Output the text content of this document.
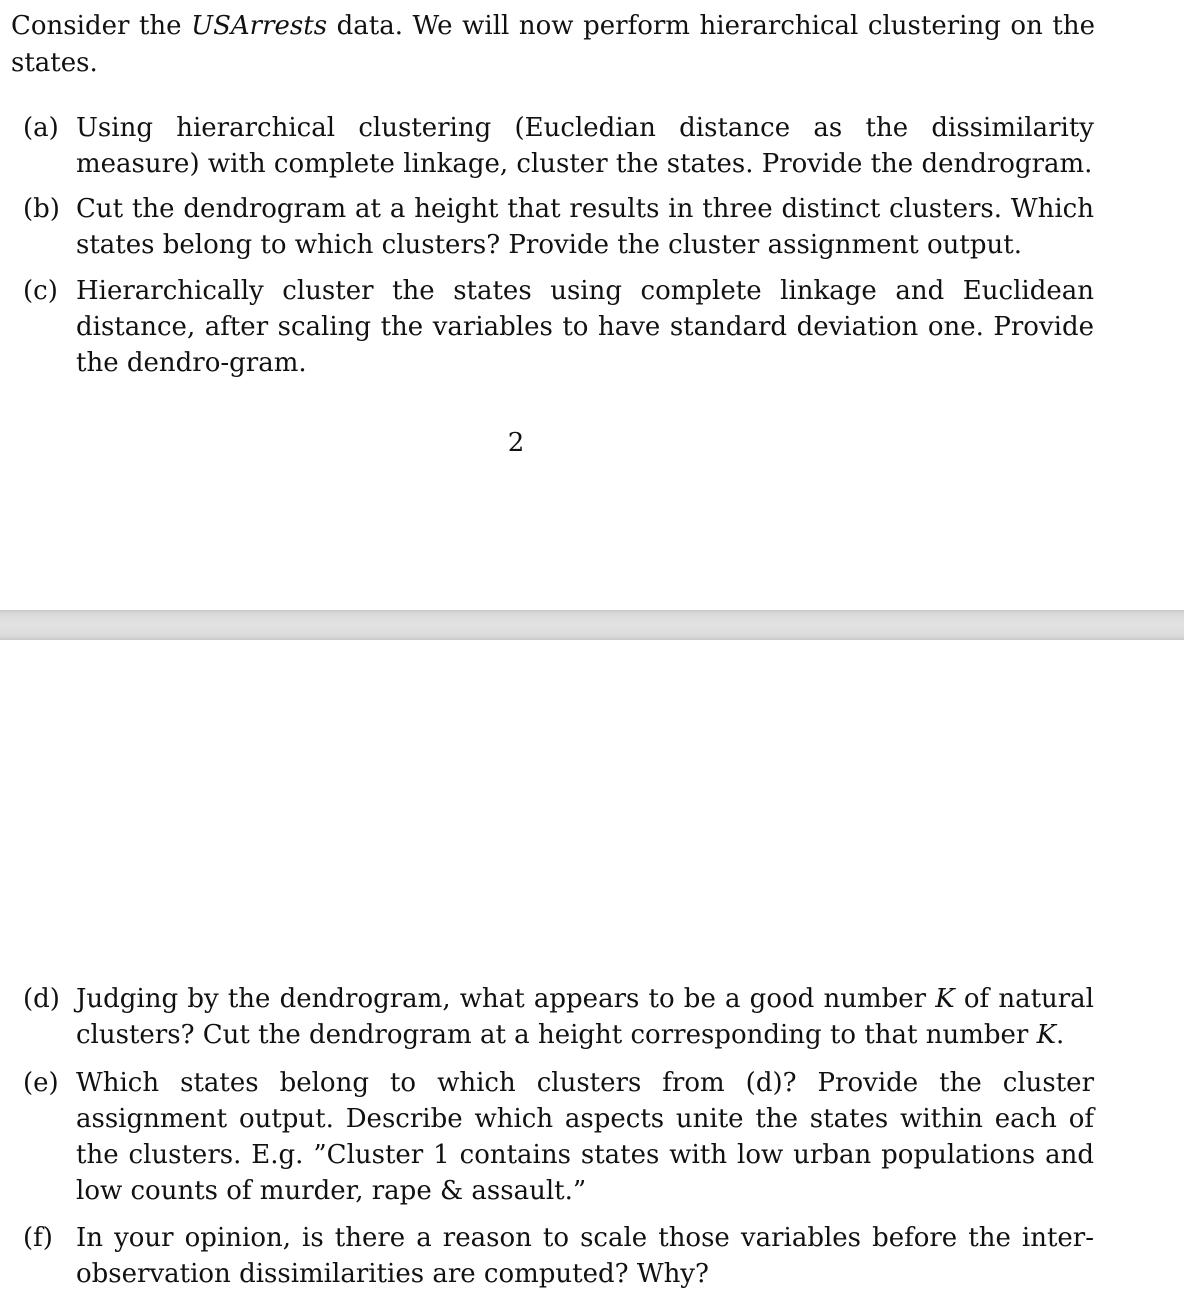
Consider the USArrests data. We will now perform hierarchical clustering on the states.
(a) Using hierarchical clustering (Eucledian distance as the dissimilarity measure) with complete linkage, cluster the states. Provide the dendrogram.
(b) Cut the dendrogram at a height that results in three distinct clusters. Which states belong to which clusters? Provide the cluster assignment output.
(c) Hierarchically cluster the states using complete linkage and Euclidean distance, after scaling the variables to have standard deviation one. Provide the dendro-gram.
2
(d) Judging by the dendrogram, what appears to be a good number K of natural clusters? Cut the dendrogram at a height corresponding to that number K.
(e) Which states belong to which clusters from (d)? Provide the cluster assignment output. Describe which aspects unite the states within each of the clusters. E.g. ”Cluster 1 contains states with low urban populations and low counts of murder, rape & assault.”
(f) In your opinion, is there a reason to scale those variables before the inter-observation dissimilarities are computed? Why?
